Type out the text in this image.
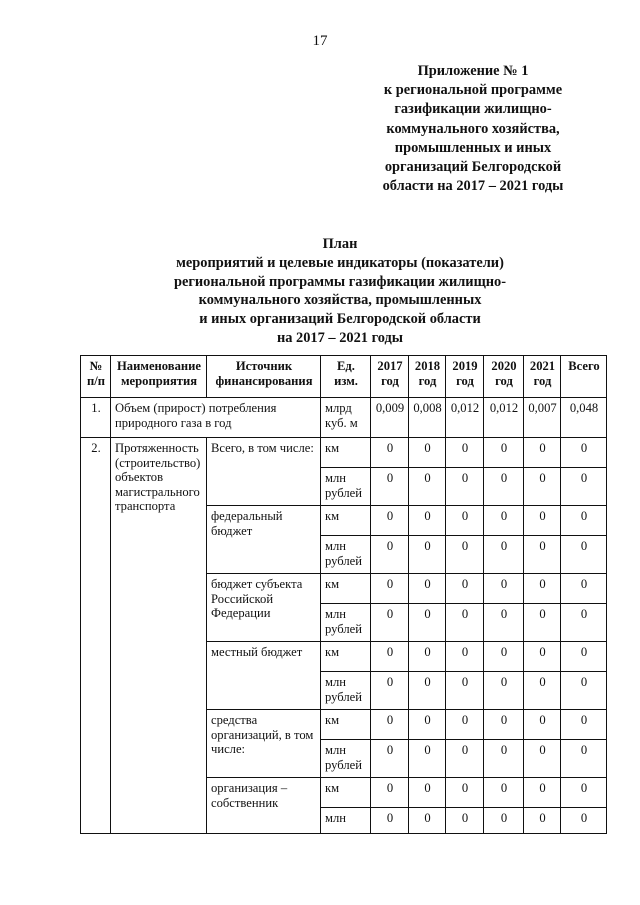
17
Приложение № 1
к региональной программе
газификации жилищно-
коммунального хозяйства,
промышленных и иных
организаций Белгородской
области на 2017 – 2021 годы
План
мероприятий и целевые индикаторы (показатели)
региональной программы газификации жилищно-
коммунального хозяйства, промышленных
и иных организаций Белгородской области
на 2017 – 2021 годы
№ п/п	Наименование мероприятия	Источник финансирования	Ед. изм.	2017 год	2018 год	2019 год	2020 год	2021 год	Всего
1.	Объем (прирост) потребления природного газа в год		млрд куб. м	0,009	0,008	0,012	0,012	0,007	0,048
2.	Протяженность (строительство) объектов магистрального транспорта	Всего, в том числе:	км	0	0	0	0	0	0
			млн рублей	0	0	0	0	0	0
		федеральный бюджет	км	0	0	0	0	0	0
			млн рублей	0	0	0	0	0	0
		бюджет субъекта Российской Федерации	км	0	0	0	0	0	0
			млн рублей	0	0	0	0	0	0
		местный бюджет	км	0	0	0	0	0	0
			млн рублей	0	0	0	0	0	0
		средства организаций, в том числе:	км	0	0	0	0	0	0
			млн рублей	0	0	0	0	0	0
		организация – собственник	км	0	0	0	0	0	0
			млн	0	0	0	0	0	0
